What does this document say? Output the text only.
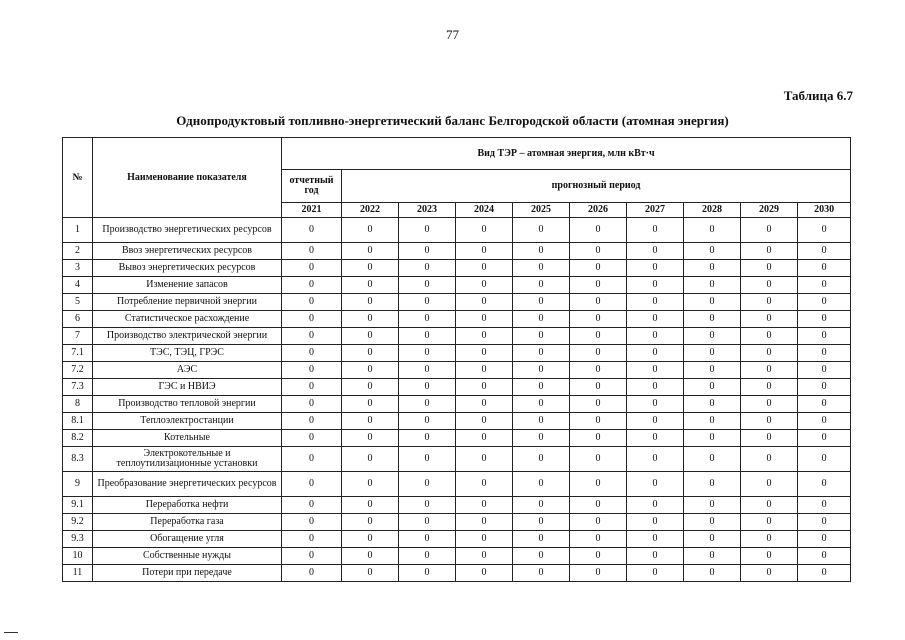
77
Таблица 6.7
Однопродуктовый топливно-энергетический баланс Белгородской области (атомная энергия)
№	Наименование показателя	Вид ТЭР – атомная энергия, млн кВт·ч									
		отчетный год	прогнозный период								
		2021	2022	2023	2024	2025	2026	2027	2028	2029	2030
1	Производство энергетических ресурсов	0	0	0	0	0	0	0	0	0	0
2	Ввоз энергетических ресурсов	0	0	0	0	0	0	0	0	0	0
3	Вывоз энергетических ресурсов	0	0	0	0	0	0	0	0	0	0
4	Изменение запасов	0	0	0	0	0	0	0	0	0	0
5	Потребление первичной энергии	0	0	0	0	0	0	0	0	0	0
6	Статистическое расхождение	0	0	0	0	0	0	0	0	0	0
7	Производство электрической энергии	0	0	0	0	0	0	0	0	0	0
7.1	ТЭС, ТЭЦ, ГРЭС	0	0	0	0	0	0	0	0	0	0
7.2	АЭС	0	0	0	0	0	0	0	0	0	0
7.3	ГЭС и НВИЭ	0	0	0	0	0	0	0	0	0	0
8	Производство тепловой энергии	0	0	0	0	0	0	0	0	0	0
8.1	Теплоэлектростанции	0	0	0	0	0	0	0	0	0	0
8.2	Котельные	0	0	0	0	0	0	0	0	0	0
8.3	Электрокотельные и теплоутилизационные установки	0	0	0	0	0	0	0	0	0	0
9	Преобразование энергетических ресурсов	0	0	0	0	0	0	0	0	0	0
9.1	Переработка нефти	0	0	0	0	0	0	0	0	0	0
9.2	Переработка газа	0	0	0	0	0	0	0	0	0	0
9.3	Обогащение угля	0	0	0	0	0	0	0	0	0	0
10	Собственные нужды	0	0	0	0	0	0	0	0	0	0
11	Потери при передаче	0	0	0	0	0	0	0	0	0	0
